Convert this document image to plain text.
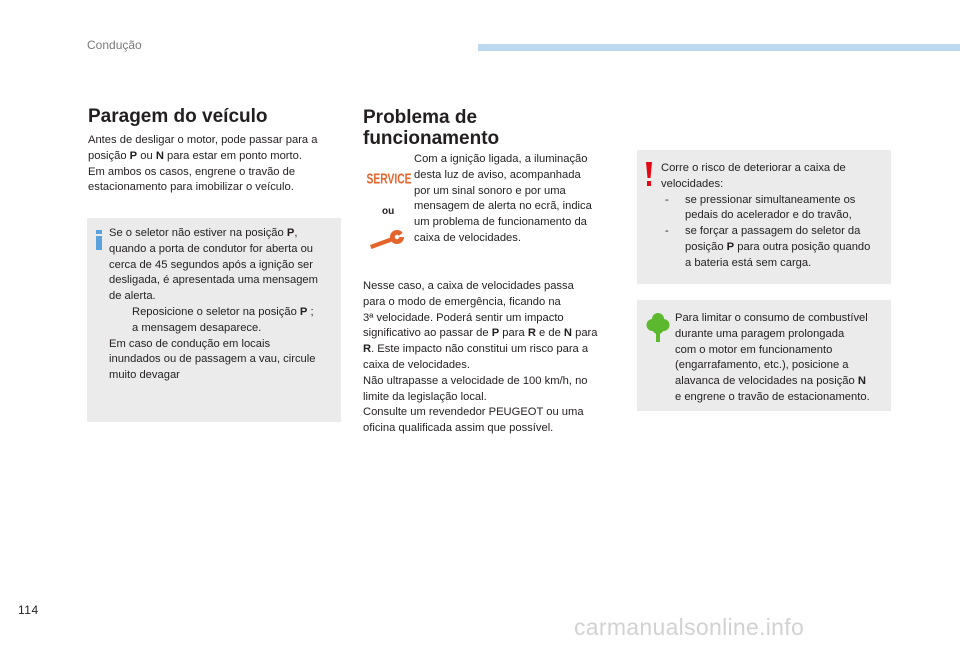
Condução
Paragem do veículo
Antes de desligar o motor, pode passar para a
posição P ou N para estar em ponto morto.
Em ambos os casos, engrene o travão de
estacionamento para imobilizar o veículo.
Se o seletor não estiver na posição P,
quando a porta de condutor for aberta ou
cerca de 45 segundos após a ignição ser
desligada, é apresentada uma mensagem
de alerta.
Reposicione o seletor na posição P ;
a mensagem desaparece.
Em caso de condução em locais
inundados ou de passagem a vau, circule
muito devagar
Problema de
funcionamento
SERVICE
ou
Com a ignição ligada, a iluminação
desta luz de aviso, acompanhada
por um sinal sonoro e por uma
mensagem de alerta no ecrã, indica
um problema de funcionamento da
caixa de velocidades.
Nesse caso, a caixa de velocidades passa
para o modo de emergência, ficando na
3ª velocidade. Poderá sentir um impacto
significativo ao passar de P para R e de N para
R. Este impacto não constitui um risco para a
caixa de velocidades.
Não ultrapasse a velocidade de 100 km/h, no
limite da legislação local.
Consulte um revendedor PEUGEOT ou uma
oficina qualificada assim que possível.
Corre o risco de deteriorar a caixa de
velocidades:
-	se pressionar simultaneamente os
pedais do acelerador e do travão,
-	se forçar a passagem do seletor da
posição P para outra posição quando
a bateria está sem carga.
Para limitar o consumo de combustível
durante uma paragem prolongada
com o motor em funcionamento
(engarrafamento, etc.), posicione a
alavanca de velocidades na posição N
e engrene o travão de estacionamento.
114
carmanualsonline.info
